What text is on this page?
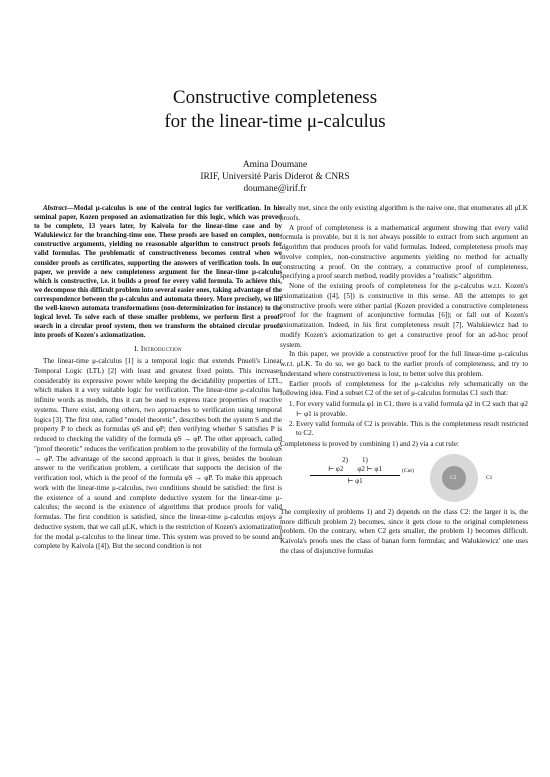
Constructive completeness
for the linear-time μ-calculus
Amina Doumane
IRIF, Université Paris Diderot & CNRS
doumane@irif.fr

Abstract—Modal μ-calculus is one of the central logics for verification. In his seminal paper, Kozen proposed an axiomatization for this logic, which was proved to be complete, 13 years later, by Kaivola for the linear-time case and by Walukiewicz for the branching-time one. These proofs are based on complex, non-constructive arguments, yielding no reasonable algorithm to construct proofs for valid formulas. The problematic of constructiveness becomes central when we consider proofs as certificates, supporting the answers of verification tools. In our paper, we provide a new completeness argument for the linear-time μ-calculus which is constructive, i.e. it builds a proof for every valid formula. To achieve this, we decompose this difficult problem into several easier ones, taking advantage of the correspondence between the μ-calculus and automata theory. More precisely, we lift the well-known automata transformations (non-determinization for instance) to the logical level. To solve each of these smaller problems, we perform first a proof-search in a circular proof system, then we transform the obtained circular proofs into proofs of Kozen's axiomatization.

I. Introduction

The linear-time μ-calculus [1] is a temporal logic that extends Pnueli's Linear Temporal Logic (LTL) [2] with least and greatest fixed points. This increases considerably its expressive power while keeping the decidability properties of LTL, which makes it a very suitable logic for verification. The linear-time μ-calculus has infinite words as models, thus it can be used to express trace properties of reactive systems. There exist, among others, two approaches to verification using temporal logics [3]. The first one, called "model theoretic", describes both the system S and the property P to check as formulas φS and φP; then verifying whether S satisfies P is reduced to checking the validity of the formula φS → φP. The other approach, called "proof theoretic" reduces the verification problem to the provability of the formula φS → φP. The advantage of the second approach is that it gives, besides the boolean answer to the verification problem, a certificate that supports the decision of the verification tool, which is the proof of the formula φS → φP. To make this approach work with the linear-time μ-calculus, two conditions should be satisfied: the first is the existence of a sound and complete deductive system for the linear-time μ-calculus; the second is the existence of algorithms that produce proofs for valid formulas. The first condition is satisfied, since the linear-time μ-calculus enjoys a deductive system, that we call μLK, which is the restriction of Kozen's axiomatization for the modal μ-calculus to the linear time. This system was proved to be sound and complete by Kaivola ([4]). But the second condition is not

really met, since the only existing algorithm is the naive one, that enumerates all μLK proofs.

A proof of completeness is a mathematical argument showing that every valid formula is provable, but it is not always possible to extract from such argument an algorithm that produces proofs for valid formulas. Indeed, completeness proofs may involve complex, non-constructive arguments yielding no method for actually constructing a proof. On the contrary, a constructive proof of completeness, specifying a proof search method, readily provides a "realistic" algorithm.

None of the existing proofs of completeness for the μ-calculus w.r.t. Kozen's axiomatization ([4], [5]) is constructive in this sense. All the attempts to get constructive proofs were either partial (Kozen provided a constructive completeness proof for the fragment of aconjunctive formulas [6]); or fall out of Kozen's axiomatization. Indeed, in his first completeness result [7], Walukiewicz had to modify Kozen's axiomatization to get a constructive proof for an ad-hoc proof system.

In this paper, we provide a constructive proof for the full linear-time μ-calculus w.r.t. μLK. To do so, we go back to the earlier proofs of completeness, and try to understand where constructiveness is lost, to better solve this problem.

Earlier proofs of completeness for the μ-calculus rely schematically on the following idea. Find a subset C2 of the set of μ-calculus formulas C1 such that:

1. For every valid formula φ1 in C1, there is a valid formula φ2 in C2 such that φ2 ⊢ φ1 is provable.
2. Every valid formula of C2 is provable. This is the completeness result restricted to C2.

Completeness is proved by combining 1) and 2) via a cut rule:

2) 1)
⊢ φ2 φ2 ⊢ φ1
⊢ φ1
(Cut)
C2	C1

The complexity of problems 1) and 2) depends on the class C2: the larger it is, the more difficult problem 2) becomes, since it gets close to the original completeness problem. On the contrary, when C2 gets smaller, the problem 1) becomes difficult. Kaivola's proofs uses the class of banan form formulas; and Walukiewicz' one uses the class of disjunctive formulas
